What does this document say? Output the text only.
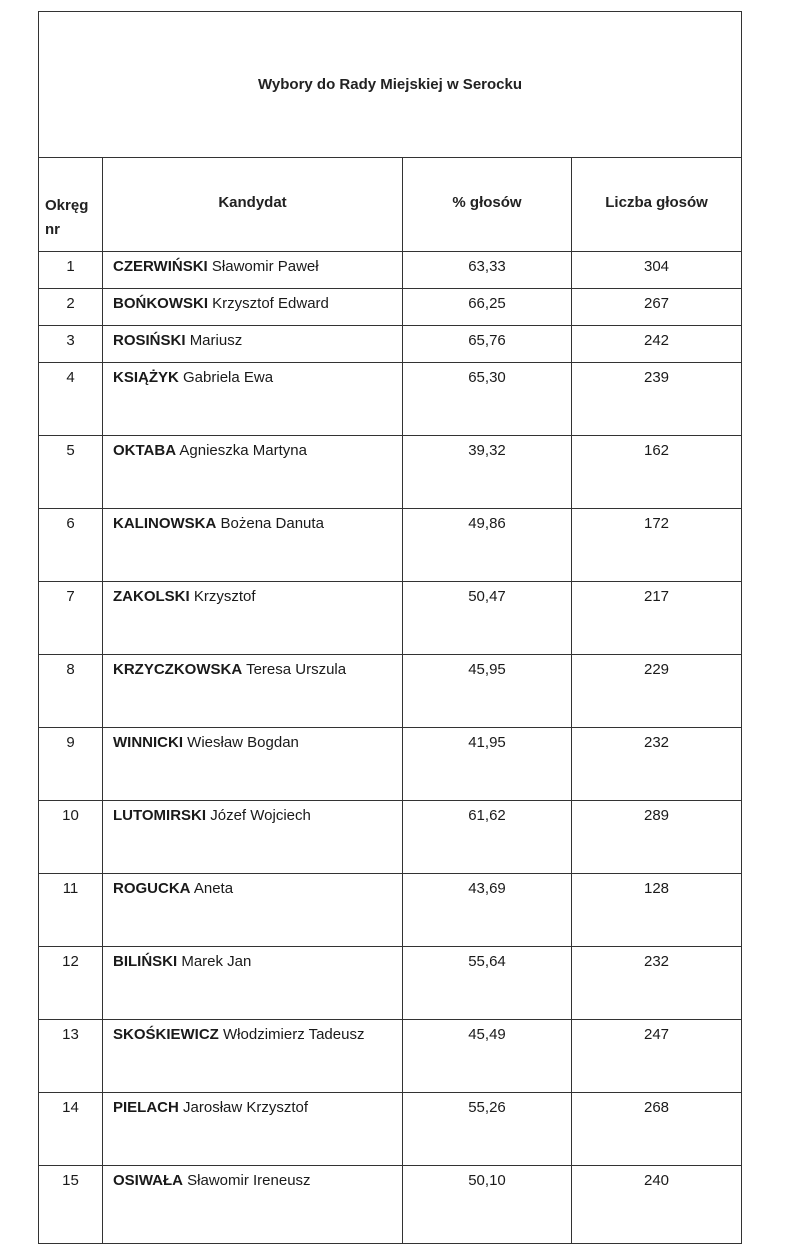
Wybory do Rady Miejskiej w Serocku			
Okręg
nr	Kandydat	% głosów	Liczba głosów
1	CZERWIŃSKI Sławomir Paweł	63,33	304
2	BOŃKOWSKI Krzysztof Edward	66,25	267
3	ROSIŃSKI Mariusz	65,76	242
4	KSIĄŻYK Gabriela Ewa	65,30	239
5	OKTABA Agnieszka Martyna	39,32	162
6	KALINOWSKA Bożena Danuta	49,86	172
7	ZAKOLSKI Krzysztof	50,47	217
8	KRZYCZKOWSKA Teresa Urszula	45,95	229
9	WINNICKI Wiesław Bogdan	41,95	232
10	LUTOMIRSKI Józef Wojciech	61,62	289
11	ROGUCKA Aneta	43,69	128
12	BILIŃSKI Marek Jan	55,64	232
13	SKOŚKIEWICZ Włodzimierz Tadeusz	45,49	247
14	PIELACH Jarosław Krzysztof	55,26	268
15	OSIWAŁA Sławomir Ireneusz	50,10	240
